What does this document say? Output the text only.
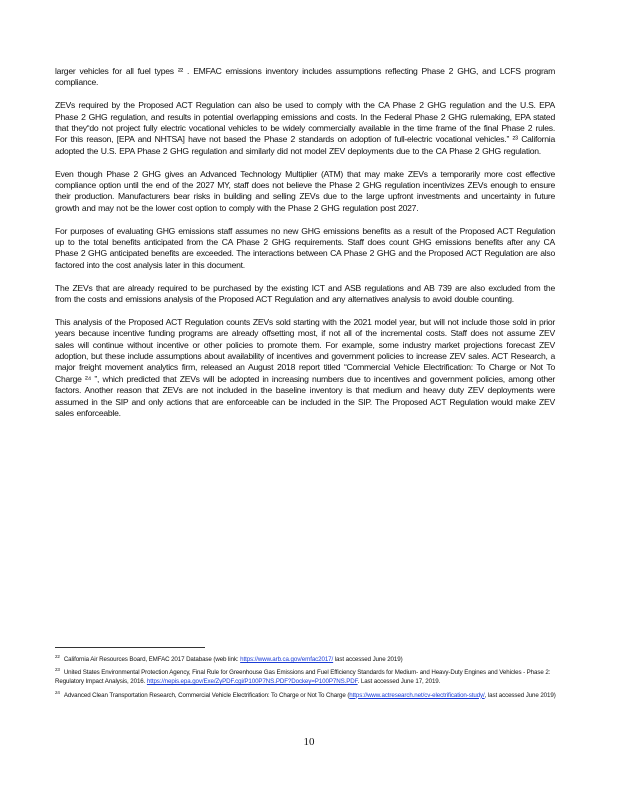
larger vehicles for all fuel types ²² . EMFAC emissions inventory includes assumptions reflecting Phase 2 GHG, and LCFS program compliance.

ZEVs required by the Proposed ACT Regulation can also be used to comply with the CA Phase 2 GHG regulation and the U.S. EPA Phase 2 GHG regulation, and results in potential overlapping emissions and costs. In the Federal Phase 2 GHG rulemaking, EPA stated that they“do not project fully electric vocational vehicles to be widely commercially available in the time frame of the final Phase 2 rules. For this reason, [EPA and NHTSA] have not based the Phase 2 standards on adoption of full-electric vocational vehicles.” ²³ California adopted the U.S. EPA Phase 2 GHG regulation and similarly did not model ZEV deployments due to the CA Phase 2 GHG regulation.

Even though Phase 2 GHG gives an Advanced Technology Multiplier (ATM) that may make ZEVs a temporarily more cost effective compliance option until the end of the 2027 MY, staff does not believe the Phase 2 GHG regulation incentivizes ZEVs enough to ensure their production. Manufacturers bear risks in building and selling ZEVs due to the large upfront investments and uncertainty in future growth and may not be the lower cost option to comply with the Phase 2 GHG regulation post 2027.

For purposes of evaluating GHG emissions staff assumes no new GHG emissions benefits as a result of the Proposed ACT Regulation up to the total benefits anticipated from the CA Phase 2 GHG requirements. Staff does count GHG emissions benefits after any CA Phase 2 GHG anticipated benefits are exceeded. The interactions between CA Phase 2 GHG and the Proposed ACT Regulation are also factored into the cost analysis later in this document.

The ZEVs that are already required to be purchased by the existing ICT and ASB regulations and AB 739 are also excluded from the from the costs and emissions analysis of the Proposed ACT Regulation and any alternatives analysis to avoid double counting.

This analysis of the Proposed ACT Regulation counts ZEVs sold starting with the 2021 model year, but will not include those sold in prior years because incentive funding programs are already offsetting most, if not all of the incremental costs. Staff does not assume ZEV sales will continue without incentive or other policies to promote them. For example, some industry market projections forecast ZEV adoption, but these include assumptions about availability of incentives and government policies to increase ZEV sales. ACT Research, a major freight movement analytics firm, released an August 2018 report titled “Commercial Vehicle Electrification: To Charge or Not To Charge ²⁴ ”, which predicted that ZEVs will be adopted in increasing numbers due to incentives and government policies, among other factors. Another reason that ZEVs are not included in the baseline inventory is that medium and heavy duty ZEV deployments were assumed in the SIP and only actions that are enforceable can be included in the SIP. The Proposed ACT Regulation would make ZEV sales enforceable.

$^{22}$ California Air Resources Board, EMFAC 2017 Database (web link: https://www.arb.ca.gov/emfac2017/ last accessed June 2019)

$^{23}$ United States Environmental Protection Agency, Final Rule for Greenhouse Gas Emissions and Fuel Efficiency Standards for Medium- and Heavy-Duty Engines and Vehicles - Phase 2: Regulatory Impact Analysis, 2016. https://nepis.epa.gov/Exe/ZyPDF.cgi/P100P7NS.PDF?Dockey=P100P7NS.PDF. Last accessed June 17, 2019.

$^{24}$ Advanced Clean Transportation Research, Commercial Vehicle Electrification: To Charge or Not To Charge (https://www.actresearch.net/cv-electrification-study/, last accessed June 2019)

10
